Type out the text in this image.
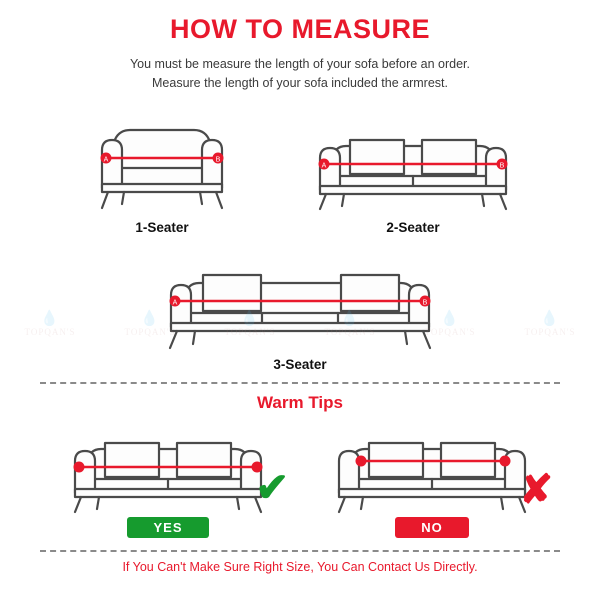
HOW TO MEASURE
You must be measure the length of your sofa before an order.
Measure the length of your sofa included the armrest.
A	B
1-Seater
A	B
2-Seater
A	B
3-Seater
💧
TOPQAN'S
💧
TOPQAN'S
💧
TOPQAN'S
💧
TOPQAN'S
Warm Tips
✔
YES
✘
NO
If You Can't Make Sure Right Size, You Can Contact Us Directly.
